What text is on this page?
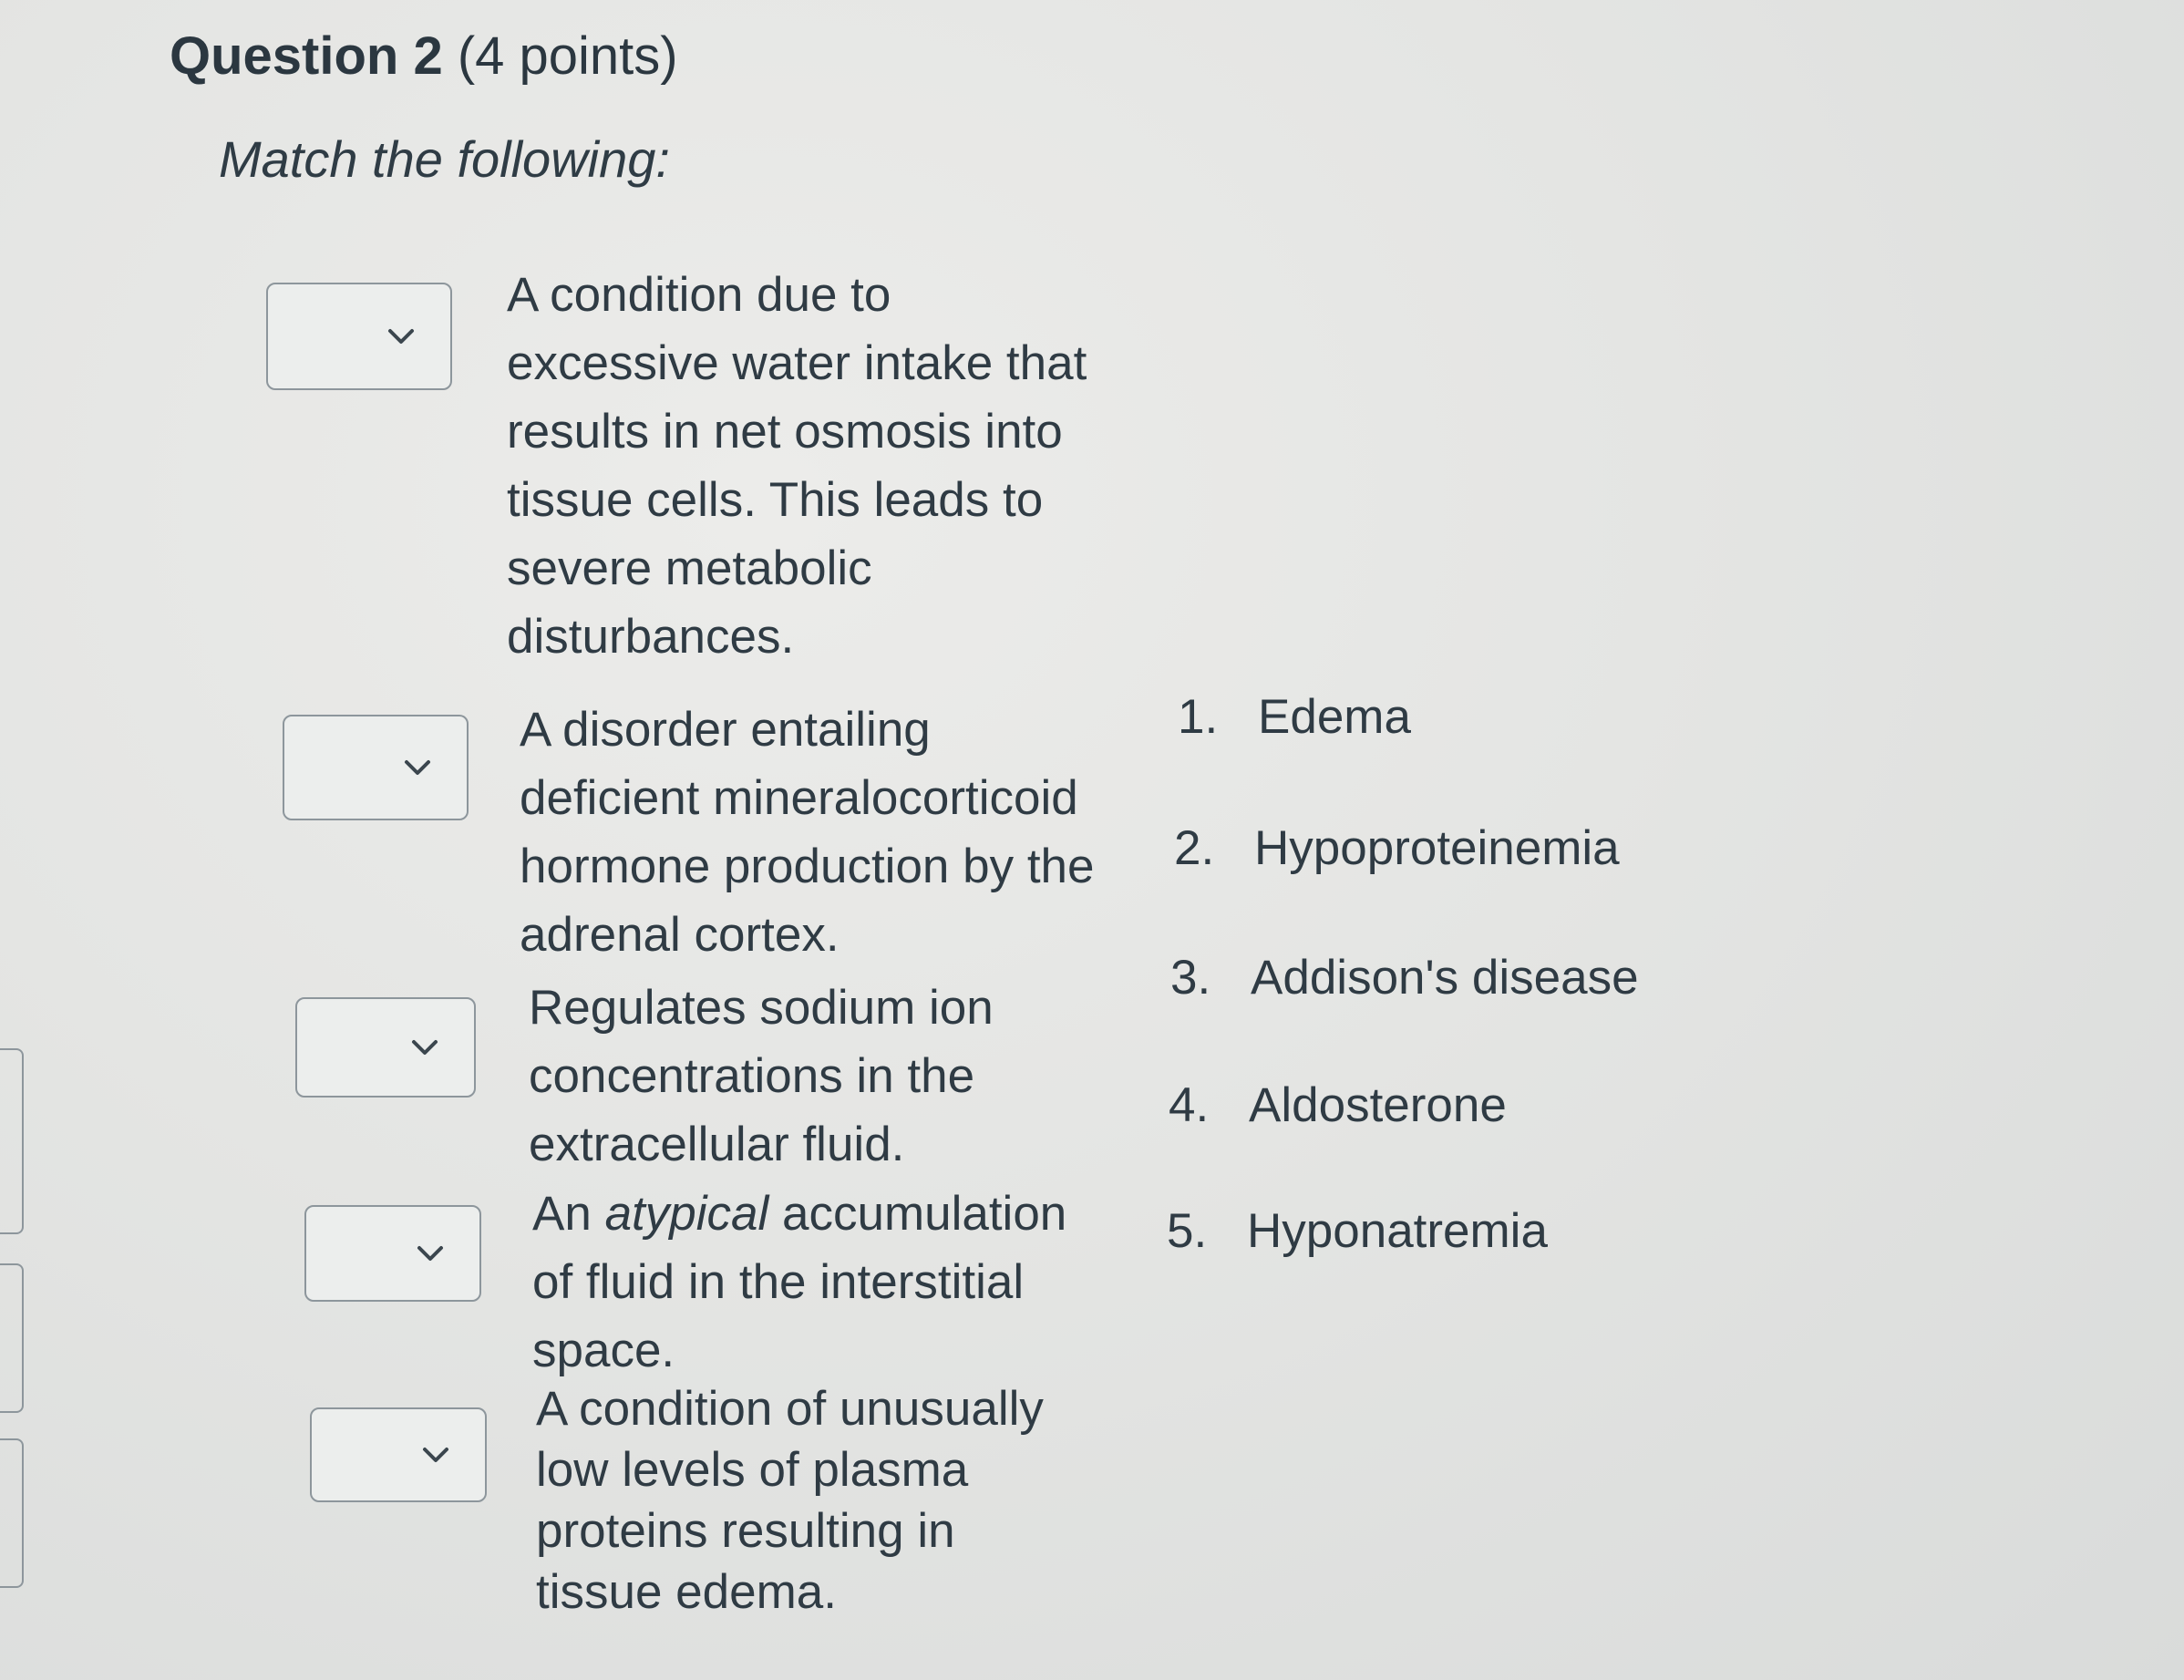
Question 2 (4 points)
Match the following:
A condition due to excessive water intake that results in net osmosis into tissue cells. This leads to severe metabolic disturbances.
A disorder entailing deficient mineralocorticoid hormone production by the adrenal cortex.
Regulates sodium ion concentrations in the extracellular fluid.
An atypical accumulation of fluid in the interstitial space.
A condition of unusually low levels of plasma proteins resulting in tissue edema.
1. Edema
2. Hypoproteinemia
3. Addison's disease
4. Aldosterone
5. Hyponatremia
